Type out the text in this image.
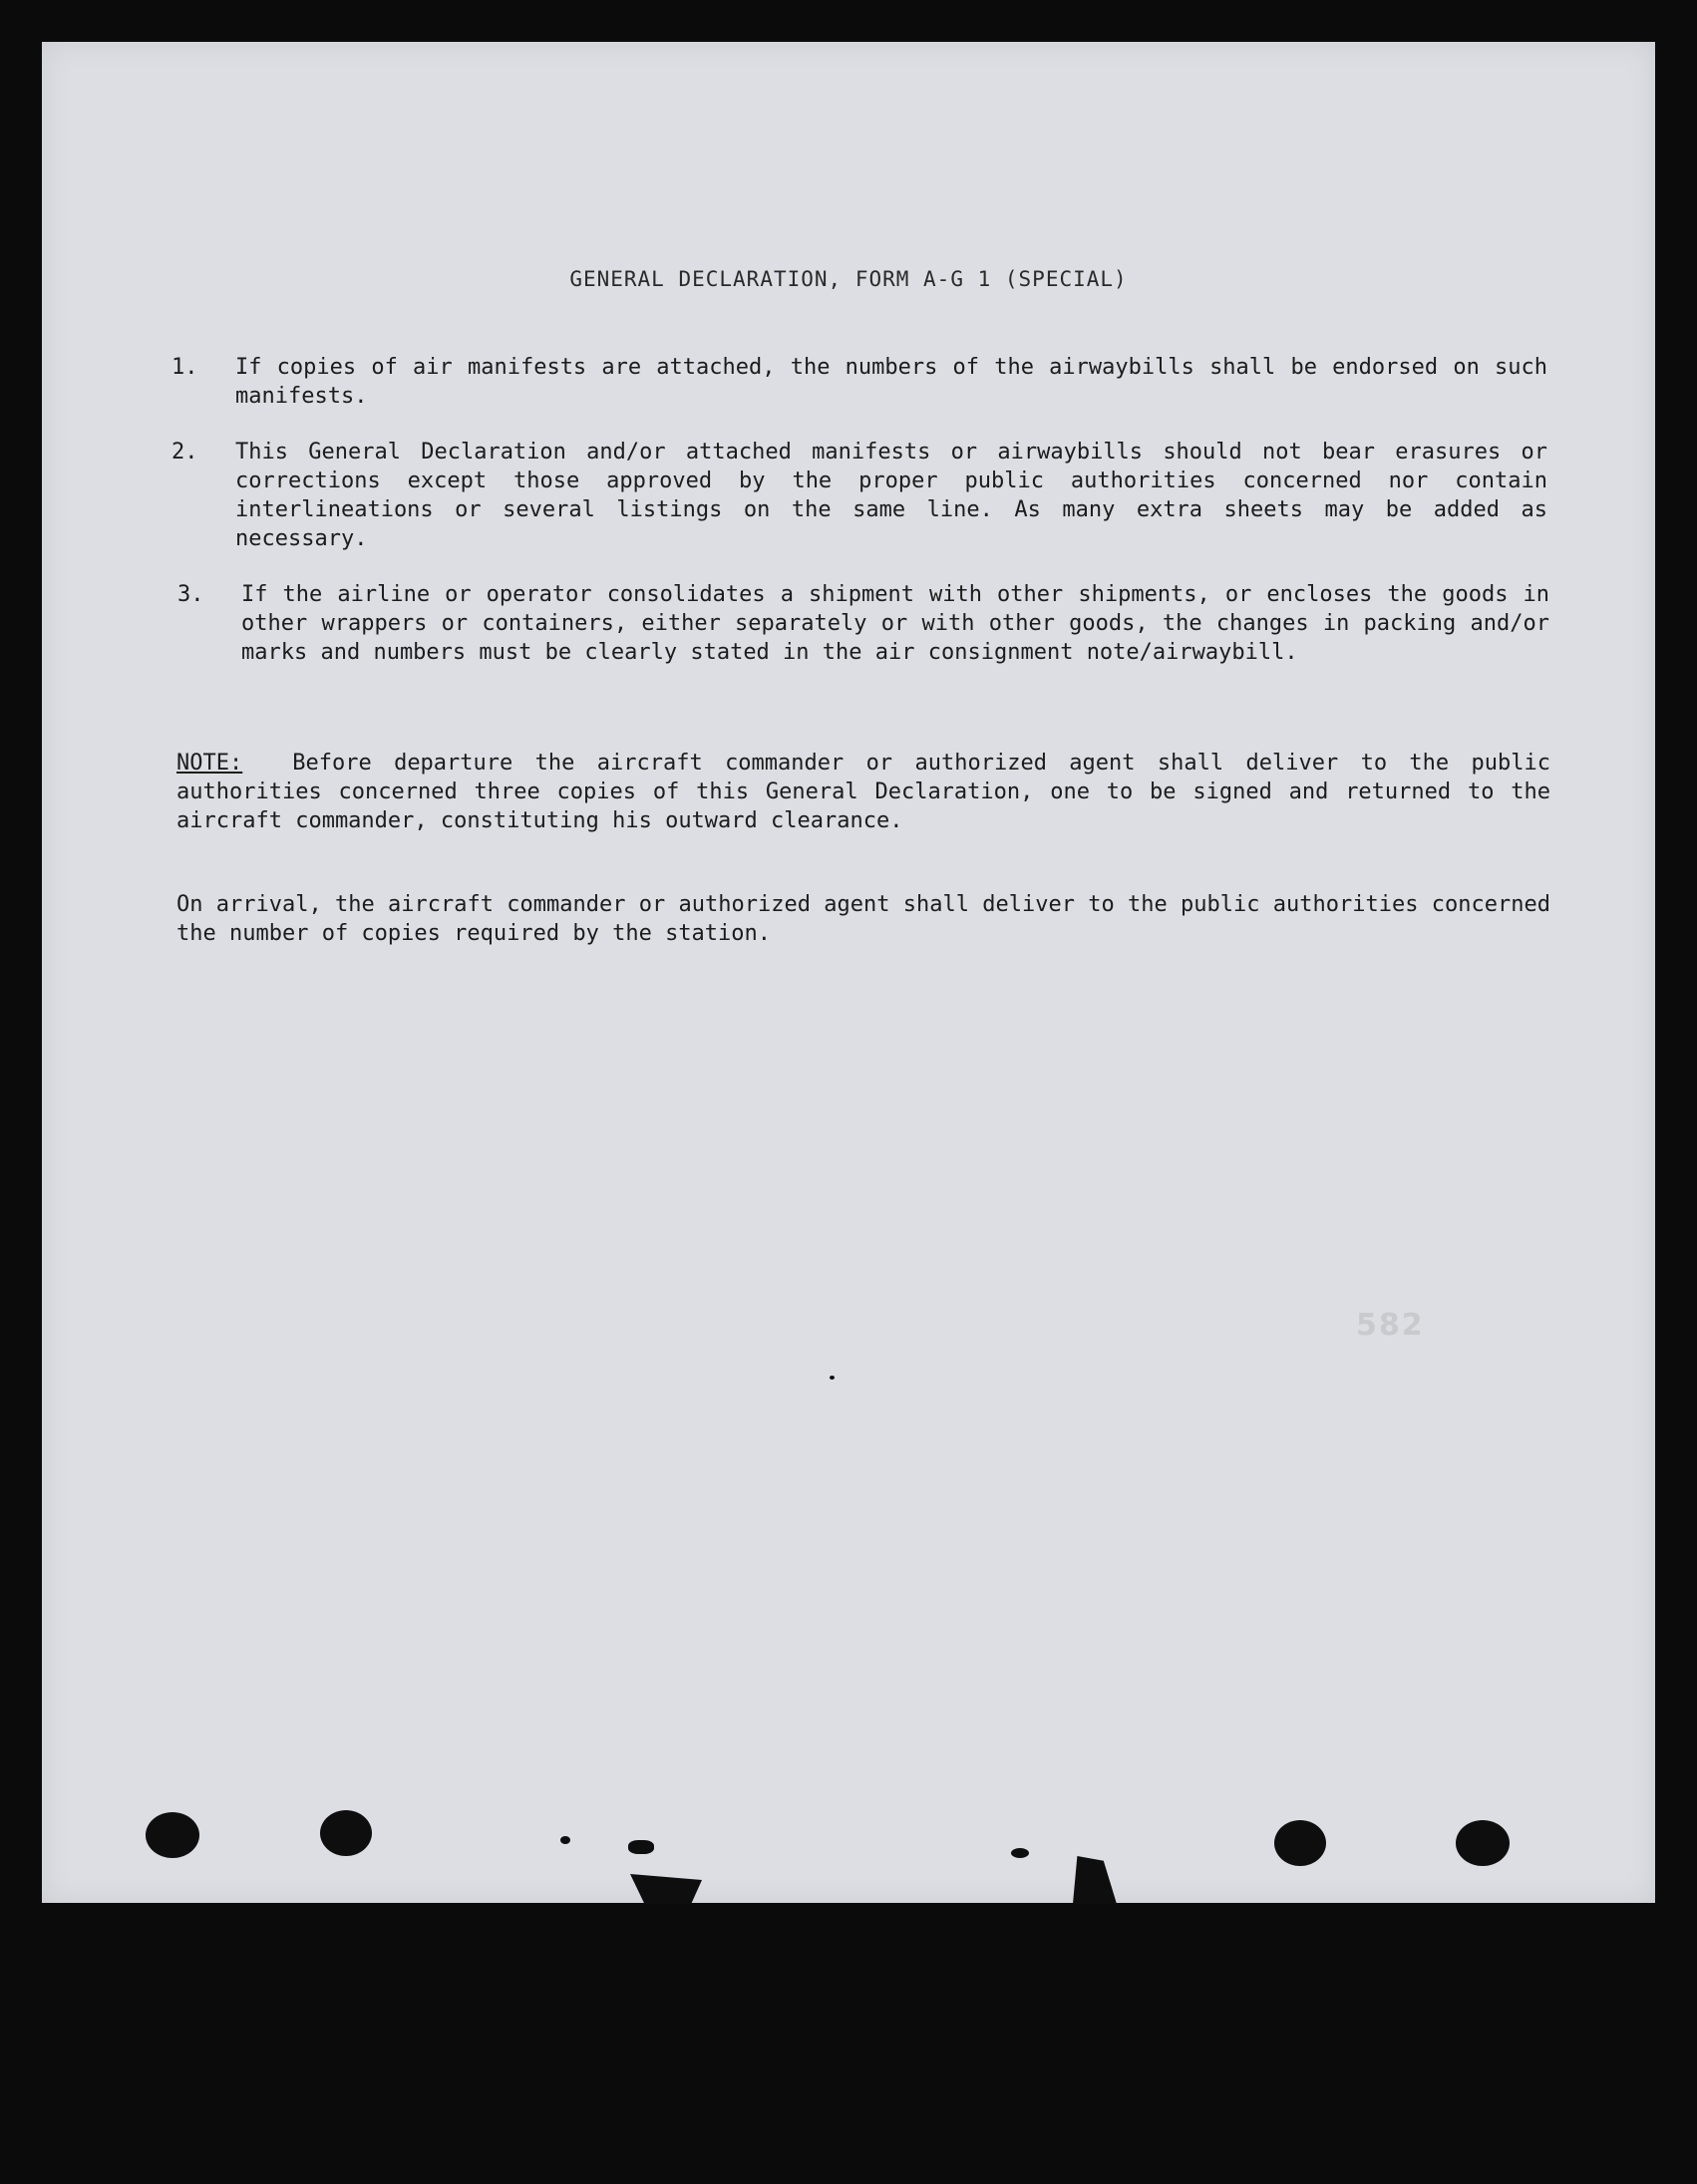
GENERAL DECLARATION, FORM A-G 1 (SPECIAL)
1.	If copies of air manifests are attached, the numbers of the airwaybills shall be endorsed on such manifests.
2.	This General Declaration and/or attached manifests or airwaybills should not bear erasures or corrections except those approved by the proper public authorities concerned nor contain interlineations or several listings on the same line. As many extra sheets may be added as necessary.
3.	If the airline or operator consolidates a shipment with other shipments, or encloses the goods in other wrappers or containers, either separately or with other goods, the changes in packing and/or marks and numbers must be clearly stated in the air consignment note/airwaybill.
NOTE: Before departure the aircraft commander or authorized agent shall deliver to the public authorities concerned three copies of this General Declaration, one to be signed and returned to the aircraft commander, constituting his outward clearance.
On arrival, the aircraft commander or authorized agent shall deliver to the public authorities concerned the number of copies required by the station.
582
